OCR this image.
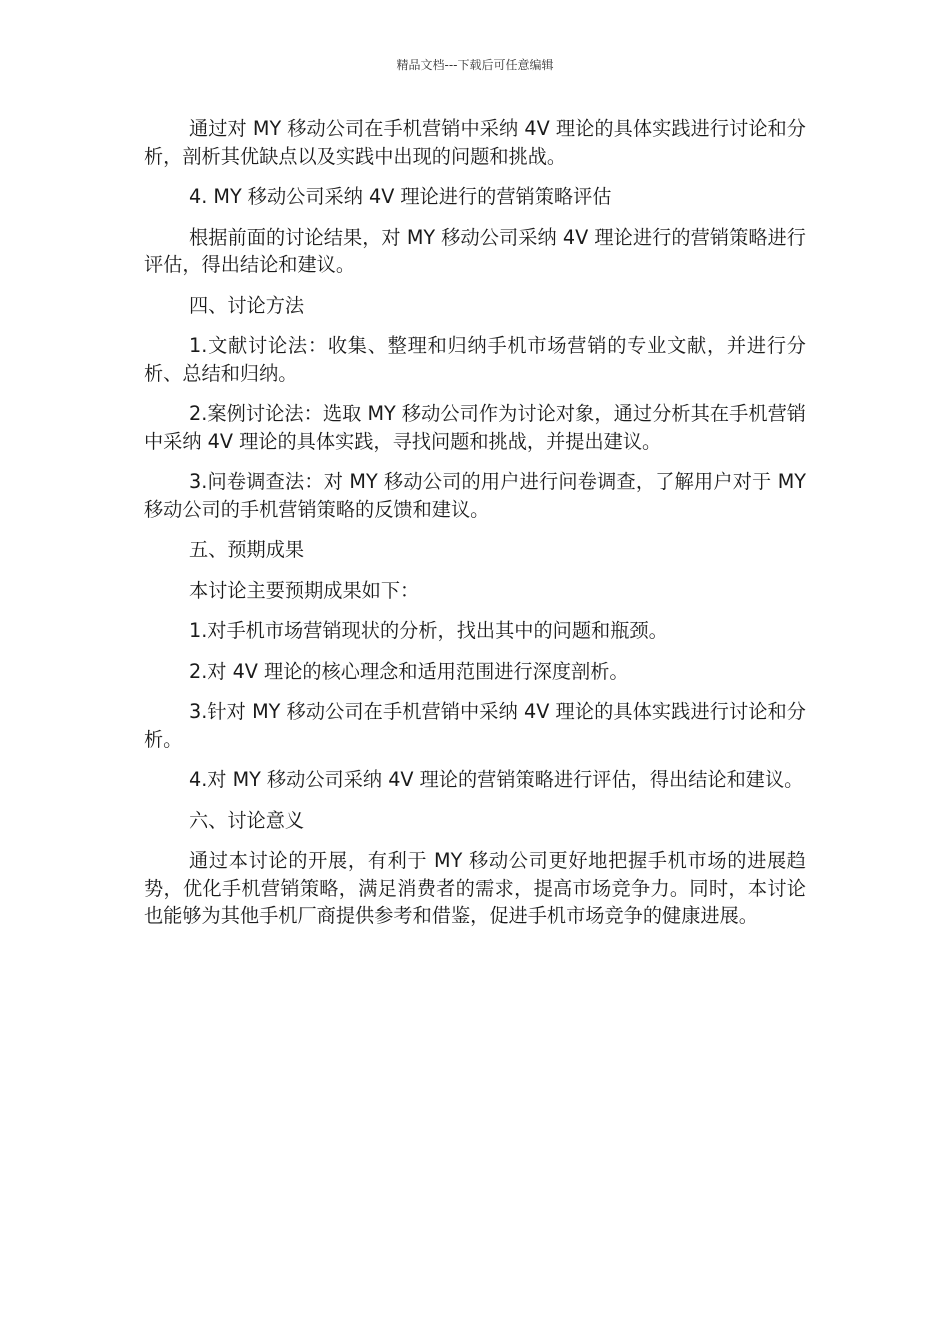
精品文档---下载后可任意编辑

通过对 MY 移动公司在手机营销中采纳 4V 理论的具体实践进行讨论和分析，剖析其优缺点以及实践中出现的问题和挑战。

4. MY 移动公司采纳 4V 理论进行的营销策略评估

根据前面的讨论结果，对 MY 移动公司采纳 4V 理论进行的营销策略进行评估，得出结论和建议。

四、讨论方法

1.文献讨论法：收集、整理和归纳手机市场营销的专业文献，并进行分析、总结和归纳。

2.案例讨论法：选取 MY 移动公司作为讨论对象，通过分析其在手机营销中采纳 4V 理论的具体实践，寻找问题和挑战，并提出建议。

3.问卷调查法：对 MY 移动公司的用户进行问卷调查，了解用户对于 MY 移动公司的手机营销策略的反馈和建议。

五、预期成果

本讨论主要预期成果如下：

1.对手机市场营销现状的分析，找出其中的问题和瓶颈。

2.对 4V 理论的核心理念和适用范围进行深度剖析。

3.针对 MY 移动公司在手机营销中采纳 4V 理论的具体实践进行讨论和分析。

4.对 MY 移动公司采纳 4V 理论的营销策略进行评估，得出结论和建议。

六、讨论意义

通过本讨论的开展，有利于 MY 移动公司更好地把握手机市场的进展趋势，优化手机营销策略，满足消费者的需求，提高市场竞争力。同时，本讨论也能够为其他手机厂商提供参考和借鉴，促进手机市场竞争的健康进展。
